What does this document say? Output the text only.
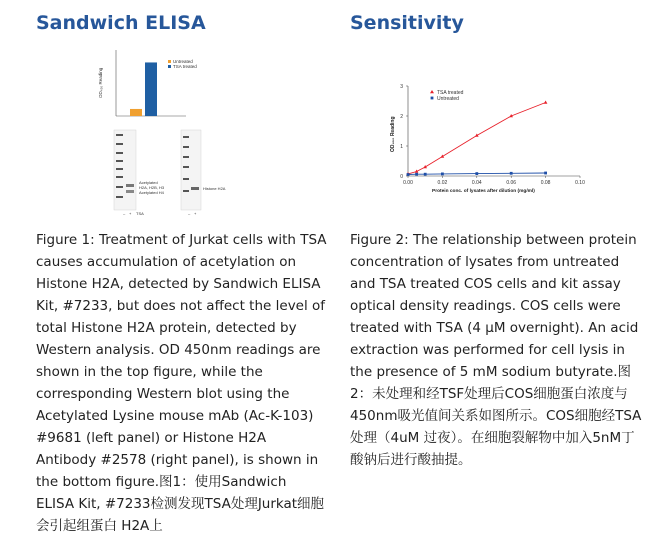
Sandwich ELISA
OD₄₅₀ Reading
Untreated
TSA treated
Acetylated
H2A, H2B, H3
Acetylated H4
– + TSA
Histone H2A
– +
Figure 1: Treatment of Jurkat cells with TSA causes accumulation of acetylation on Histone H2A, detected by Sandwich ELISA Kit, #7233, but does not affect the level of total Histone H2A protein, detected by Western analysis. OD 450nm readings are shown in the top figure, while the corresponding Western blot using the Acetylated Lysine mouse mAb (Ac-K-103) #9681 (left panel) or Histone H2A Antibody #2578 (right panel), is shown in the bottom figure.图1：使用Sandwich ELISA Kit, #7233检测发现TSA处理Jurkat细胞会引起组蛋白 H2A上
Sensitivity
OD₄₅₀ Reading
Protein conc. of lysates after dilution (mg/ml)
0
1
2
3
0.00	0.02	0.04	0.06	0.08	0.10
TSA treated
Untreated
Figure 2: The relationship between protein concentration of lysates from untreated and TSA treated COS cells and kit assay optical density readings. COS cells were treated with TSA (4 μM overnight). An acid extraction was performed for cell lysis in the presence of 5 mM sodium butyrate.图2：未处理和经TSF处理后COS细胞蛋白浓度与450nm吸光值间关系如图所示。COS细胞经TSA处理（4uM 过夜）。在细胞裂解物中加入5nM丁酸钠后进行酸抽提。
